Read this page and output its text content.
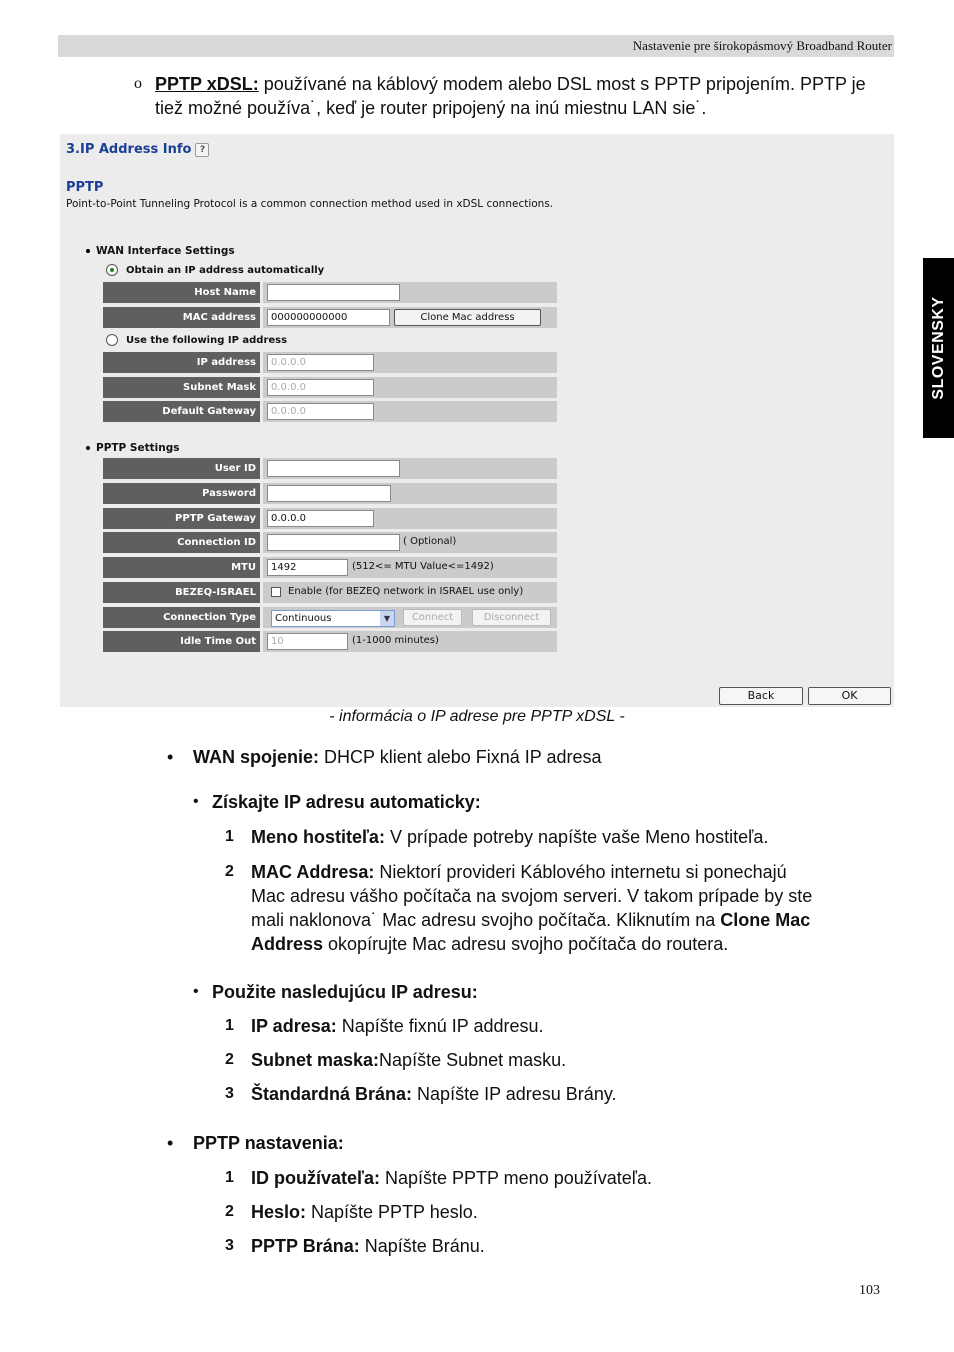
Nastavenie pre širokopásmový Broadband Router
SLOVENSKY
o PPTP xDSL: používané na káblový modem alebo DSL most s PPTP pripojením. PPTP je tiež možné používa˙, keď je router pripojený na inú miestnu LAN sie˙.
3.IP Address Info ?
PPTP
Point-to-Point Tunneling Protocol is a common connection method used in xDSL connections.
WAN Interface Settings
Obtain an IP address automatically
Host Name
MAC address	000000000000	Clone Mac address
Use the following IP address
IP address	0.0.0.0
Subnet Mask	0.0.0.0
Default Gateway	0.0.0.0
PPTP Settings
User ID
Password
PPTP Gateway	0.0.0.0
Connection ID	( Optional)
MTU	1492	(512<= MTU Value<=1492)
BEZEQ-ISRAEL	Enable (for BEZEQ network in ISRAEL use only)
Connection Type	Continuous	▼	Connect	Disconnect
Idle Time Out	10	(1-1000 minutes)
Back	OK
- informácia o IP adrese pre PPTP xDSL -
• WAN spojenie: DHCP klient alebo Fixná IP adresa
• Získajte IP adresu automaticky:
1 Meno hostiteľa: V prípade potreby napíšte vaše Meno hostiteľa.
2 MAC Addresa: Niektorí provideri Káblového internetu si ponechajú
Mac adresu vášho počítača na svojom serveri. V takom prípade by ste
mali naklonova˙ Mac adresu svojho počítača. Kliknutím na Clone Mac
Address okopírujte Mac adresu svojho počítača do routera.
• Použite nasledujúcu IP adresu:
1 IP adresa: Napíšte fixnú IP addresu.
2 Subnet maska:Napíšte Subnet masku.
3 Štandardná Brána: Napíšte IP adresu Brány.
• PPTP nastavenia:
1 ID používateľa: Napíšte PPTP meno používateľa.
2 Heslo: Napíšte PPTP heslo.
3 PPTP Brána: Napíšte Bránu.
103
